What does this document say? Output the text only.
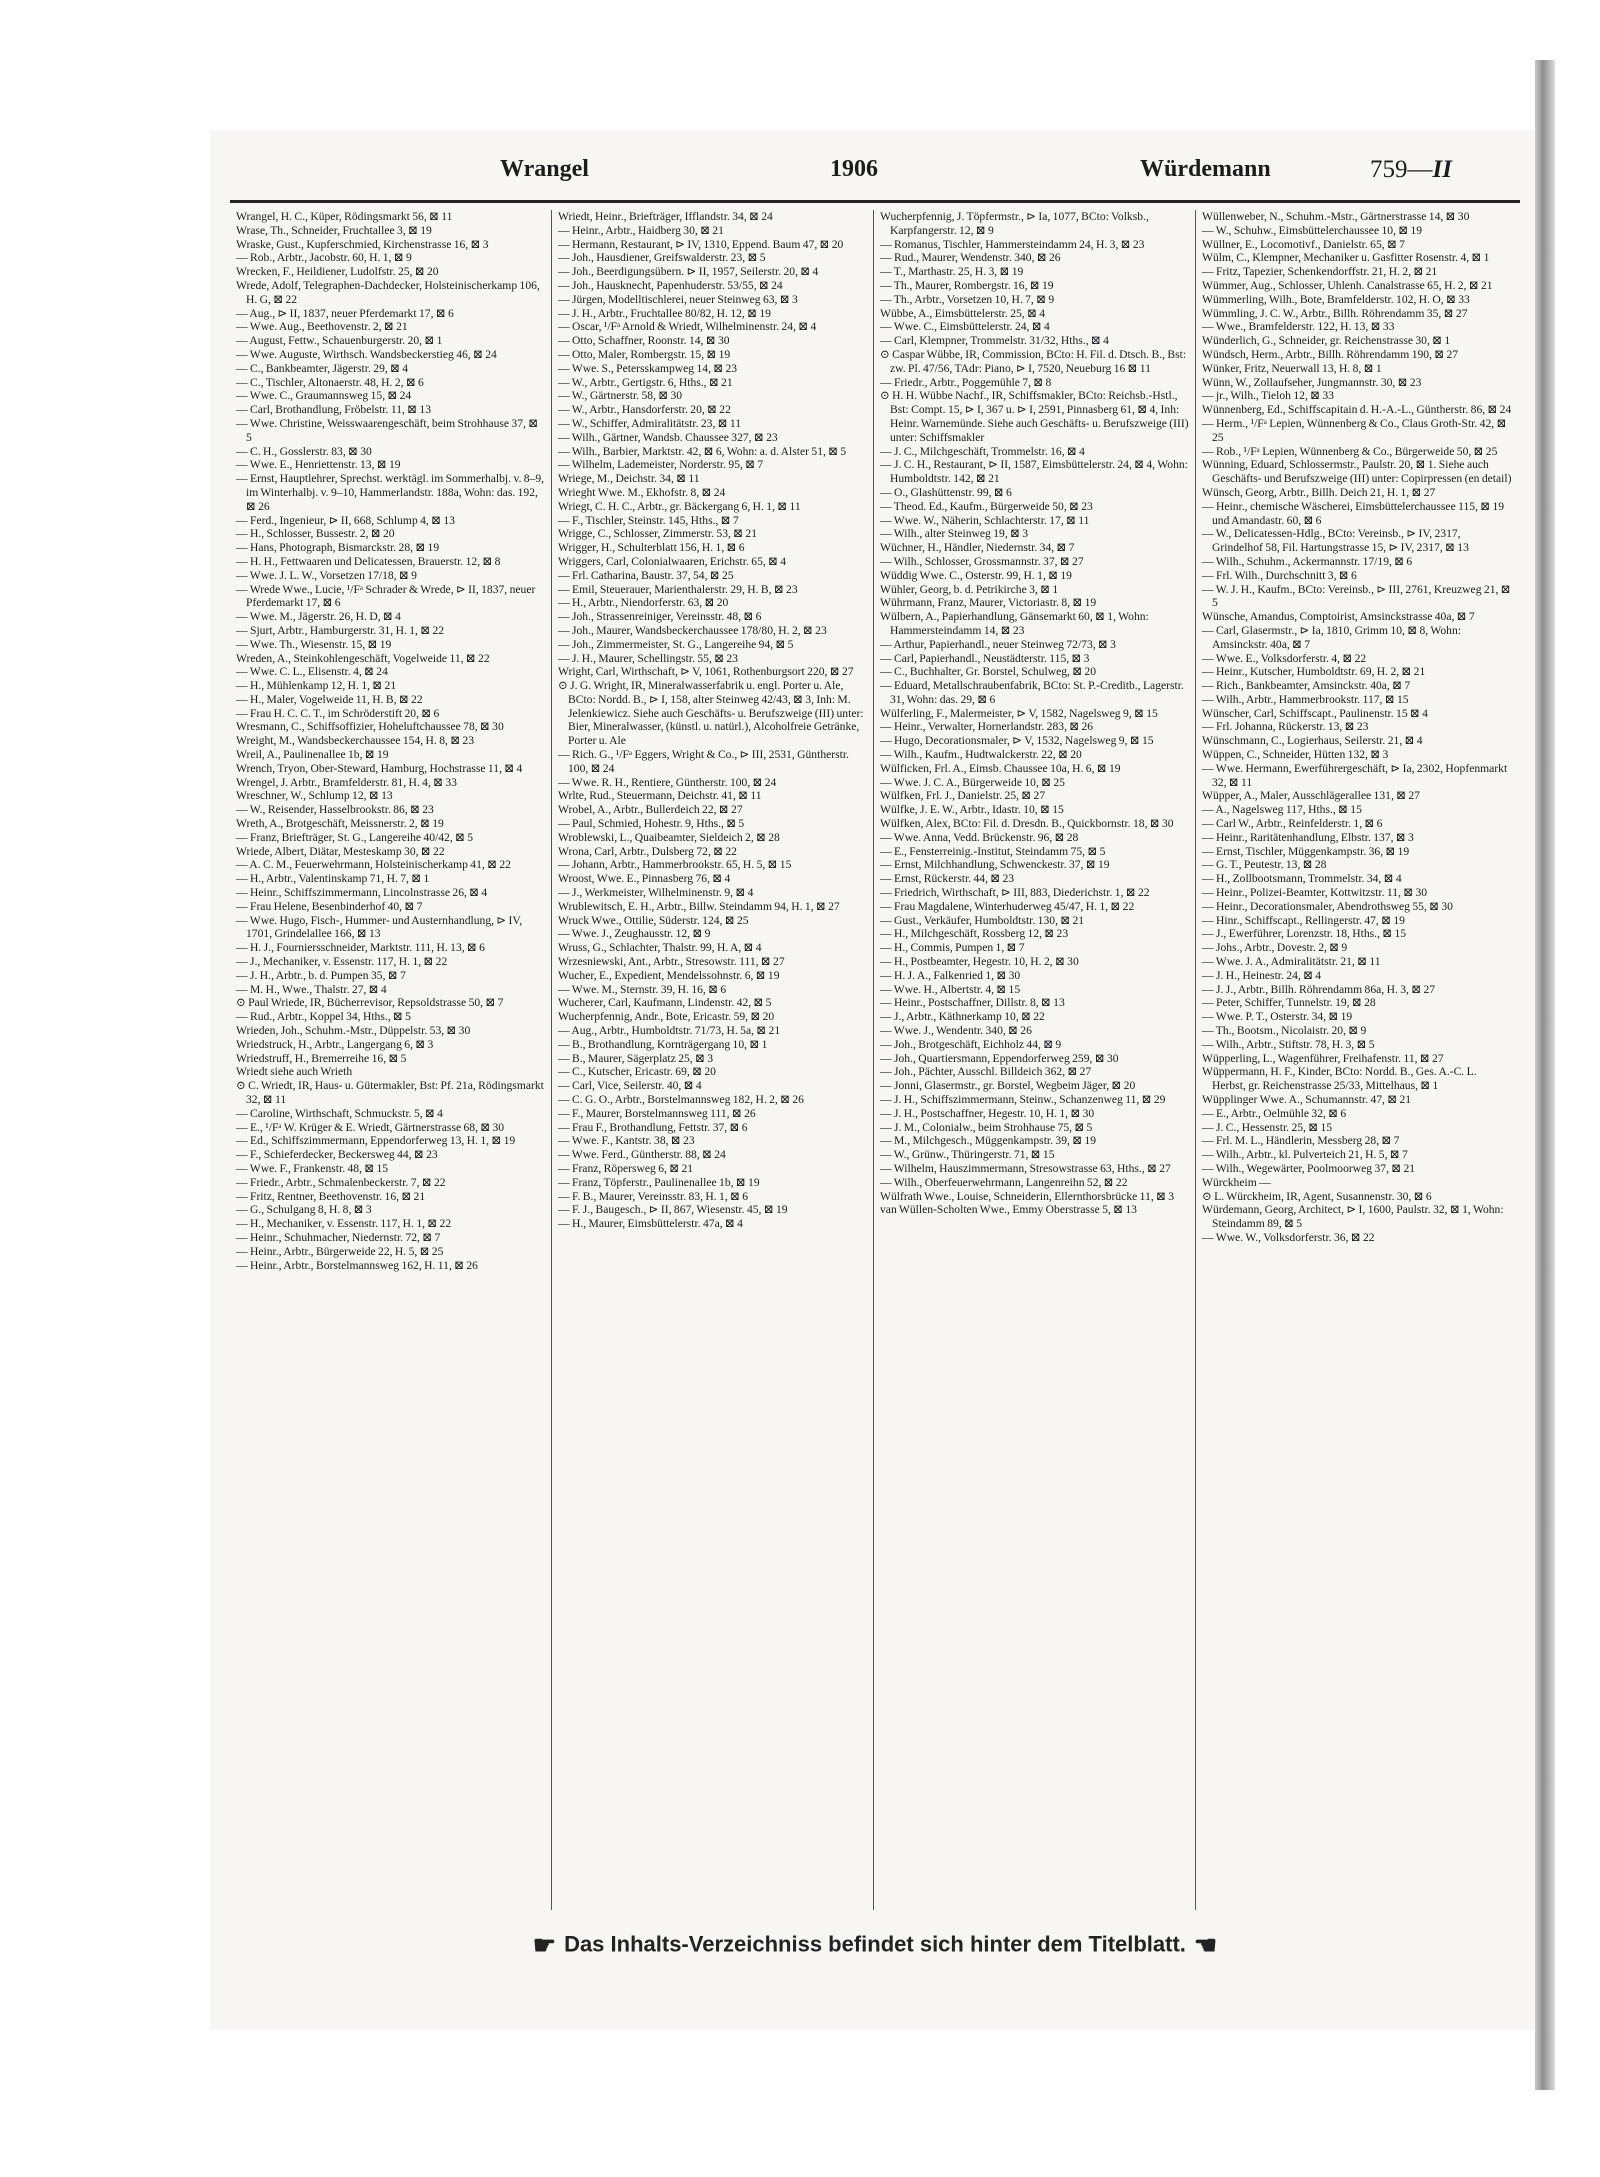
Wrangel	1906	Würdemann	759—II

Wrangel, H. C., Küper, Rödingsmarkt 56, ⊠ 11

Wrase, Th., Schneider, Fruchtallee 3, ⊠ 19

Wraske, Gust., Kupferschmied, Kirchenstrasse 16, ⊠ 3

— Rob., Arbtr., Jacobstr. 60, H. 1, ⊠ 9

Wrecken, F., Heildiener, Ludolfstr. 25, ⊠ 20

Wrede, Adolf, Telegraphen-Dachdecker, Holsteinischerkamp 106, H. G, ⊠ 22

— Aug., ⊳ II, 1837, neuer Pferdemarkt 17, ⊠ 6

— Wwe. Aug., Beethovenstr. 2, ⊠ 21

— August, Fettw., Schauenburgerstr. 20, ⊠ 1

— Wwe. Auguste, Wirthsch. Wandsbeckerstieg 46, ⊠ 24

— C., Bankbeamter, Jägerstr. 29, ⊠ 4

— C., Tischler, Altonaerstr. 48, H. 2, ⊠ 6

— Wwe. C., Graumannsweg 15, ⊠ 24

— Carl, Brothandlung, Fröbelstr. 11, ⊠ 13

— Wwe. Christine, Weisswaarengeschäft, beim Strohhause 37, ⊠ 5

— C. H., Gosslerstr. 83, ⊠ 30

— Wwe. E., Henriettenstr. 13, ⊠ 19

— Ernst, Hauptlehrer, Sprechst. werktägl. im Sommerhalbj. v. 8–9, im Winterhalbj. v. 9–10, Hammerlandstr. 188a, Wohn: das. 192, ⊠ 26

— Ferd., Ingenieur, ⊳ II, 668, Schlump 4, ⊠ 13

— H., Schlosser, Bussestr. 2, ⊠ 20

— Hans, Photograph, Bismarckstr. 28, ⊠ 19

— H. H., Fettwaaren und Delicatessen, Brauerstr. 12, ⊠ 8

— Wwe. J. L. W., Vorsetzen 17/18, ⊠ 9

— Wrede Wwe., Lucie, ¹/Fᵃ Schrader & Wrede, ⊳ II, 1837, neuer Pferdemarkt 17, ⊠ 6

— Wwe. M., Jägerstr. 26, H. D, ⊠ 4

— Sjurt, Arbtr., Hamburgerstr. 31, H. 1, ⊠ 22

— Wwe. Th., Wiesenstr. 15, ⊠ 19

Wreden, A., Steinkohlengeschäft, Vogelweide 11, ⊠ 22

— Wwe. C. L., Elisenstr. 4, ⊠ 24

— H., Mühlenkamp 12, H. 1, ⊠ 21

— H., Maler, Vogelweide 11, H. B, ⊠ 22

— Frau H. C. C. T., im Schröderstift 20, ⊠ 6

Wresmann, C., Schiffsoffizier, Hoheluftchaussee 78, ⊠ 30

Wreight, M., Wandsbeckerchaussee 154, H. 8, ⊠ 23

Wreil, A., Paulinenallee 1b, ⊠ 19

Wrench, Tryon, Ober-Steward, Hamburg, Hochstrasse 11, ⊠ 4

Wrengel, J. Arbtr., Bramfelderstr. 81, H. 4, ⊠ 33

Wreschner, W., Schlump 12, ⊠ 13

— W., Reisender, Hasselbrookstr. 86, ⊠ 23

Wreth, A., Brotgeschäft, Meissnerstr. 2, ⊠ 19

— Franz, Briefträger, St. G., Langereihe 40/42, ⊠ 5

Wriede, Albert, Diätar, Mesteskamp 30, ⊠ 22

— A. C. M., Feuerwehrmann, Holsteinischerkamp 41, ⊠ 22

— H., Arbtr., Valentinskamp 71, H. 7, ⊠ 1

— Heinr., Schiffszimmermann, Lincolnstrasse 26, ⊠ 4

— Frau Helene, Besenbinderhof 40, ⊠ 7

— Wwe. Hugo, Fisch-, Hummer- und Austernhandlung, ⊳ IV, 1701, Grindelallee 166, ⊠ 13

— H. J., Fourniersschneider, Marktstr. 111, H. 13, ⊠ 6

— J., Mechaniker, v. Essenstr. 117, H. 1, ⊠ 22

— J. H., Arbtr., b. d. Pumpen 35, ⊠ 7

— M. H., Wwe., Thalstr. 27, ⊠ 4

⊙ Paul Wriede, IR, Bücherrevisor, Repsoldstrasse 50, ⊠ 7

— Rud., Arbtr., Koppel 34, Hths., ⊠ 5

Wrieden, Joh., Schuhm.-Mstr., Düppelstr. 53, ⊠ 30

Wriedstruck, H., Arbtr., Langergang 6, ⊠ 3

Wriedstruff, H., Bremerreihe 16, ⊠ 5

Wriedt siehe auch Wrieth

⊙ C. Wriedt, IR, Haus- u. Gütermakler, Bst: Pf. 21a, Rödingsmarkt 32, ⊠ 11

— Caroline, Wirthschaft, Schmuckstr. 5, ⊠ 4

— E., ¹/Fᵃ W. Krüger & E. Wriedt, Gärtnerstrasse 68, ⊠ 30

— Ed., Schiffszimmermann, Eppendorferweg 13, H. 1, ⊠ 19

— F., Schieferdecker, Beckersweg 44, ⊠ 23

— Wwe. F., Frankenstr. 48, ⊠ 15

— Friedr., Arbtr., Schmalenbeckerstr. 7, ⊠ 22

— Fritz, Rentner, Beethovenstr. 16, ⊠ 21

— G., Schulgang 8, H. 8, ⊠ 3

— H., Mechaniker, v. Essenstr. 117, H. 1, ⊠ 22

— Heinr., Schuhmacher, Niedernstr. 72, ⊠ 7

— Heinr., Arbtr., Bürgerweide 22, H. 5, ⊠ 25

— Heinr., Arbtr., Borstelmannsweg 162, H. 11, ⊠ 26

Wriedt, Heinr., Briefträger, Ifflandstr. 34, ⊠ 24

— Heinr., Arbtr., Haidberg 30, ⊠ 21

— Hermann, Restaurant, ⊳ IV, 1310, Eppend. Baum 47, ⊠ 20

— Joh., Hausdiener, Greifswalderstr. 23, ⊠ 5

— Joh., Beerdigungsübern. ⊳ II, 1957, Seilerstr. 20, ⊠ 4

— Joh., Hausknecht, Papenhuderstr. 53/55, ⊠ 24

— Jürgen, Modelltischlerei, neuer Steinweg 63, ⊠ 3

— J. H., Arbtr., Fruchtallee 80/82, H. 12, ⊠ 19

— Oscar, ¹/Fᵃ Arnold & Wriedt, Wilhelminenstr. 24, ⊠ 4

— Otto, Schaffner, Roonstr. 14, ⊠ 30

— Otto, Maler, Rombergstr. 15, ⊠ 19

— Wwe. S., Petersskampweg 14, ⊠ 23

— W., Arbtr., Gertigstr. 6, Hths., ⊠ 21

— W., Gärtnerstr. 58, ⊠ 30

— W., Arbtr., Hansdorferstr. 20, ⊠ 22

— W., Schiffer, Admiralitätstr. 23, ⊠ 11

— Wilh., Gärtner, Wandsb. Chaussee 327, ⊠ 23

— Wilh., Barbier, Marktstr. 42, ⊠ 6, Wohn: a. d. Alster 51, ⊠ 5

— Wilhelm, Lademeister, Norderstr. 95, ⊠ 7

Wriege, M., Deichstr. 34, ⊠ 11

Wrieght Wwe. M., Ekhofstr. 8, ⊠ 24

Wriegt, C. H. C., Arbtr., gr. Bäckergang 6, H. 1, ⊠ 11

— F., Tischler, Steinstr. 145, Hths., ⊠ 7

Wrigge, C., Schlosser, Zimmerstr. 53, ⊠ 21

Wrigger, H., Schulterblatt 156, H. 1, ⊠ 6

Wriggers, Carl, Colonialwaaren, Erichstr. 65, ⊠ 4

— Frl. Catharina, Baustr. 37, 54, ⊠ 25

— Emil, Steuerauer, Marienthalerstr. 29, H. B, ⊠ 23

— H., Arbtr., Niendorferstr. 63, ⊠ 20

— Joh., Strassenreiniger, Vereinsstr. 48, ⊠ 6

— Joh., Maurer, Wandsbeckerchaussee 178/80, H. 2, ⊠ 23

— Joh., Zimmermeister, St. G., Langereihe 94, ⊠ 5

— J. H., Maurer, Schellingstr. 55, ⊠ 23

Wright, Carl, Wirthschaft, ⊳ V, 1061, Rothenburgsort 220, ⊠ 27

⊙ J. G. Wright, IR, Mineralwasserfabrik u. engl. Porter u. Ale, BCto: Nordd. B., ⊳ I, 158, alter Steinweg 42/43, ⊠ 3, Inh: M. Jelenkiewicz. Siehe auch Geschäfts- u. Berufszweige (III) unter: Bier, Mineralwasser, (künstl. u. natürl.), Alcoholfreie Getränke, Porter u. Ale

— Rich. G., ¹/Fᵃ Eggers, Wright & Co., ⊳ III, 2531, Güntherstr. 100, ⊠ 24

— Wwe. R. H., Rentiere, Güntherstr. 100, ⊠ 24

Wrlte, Rud., Steuermann, Deichstr. 41, ⊠ 11

Wrobel, A., Arbtr., Bullerdeich 22, ⊠ 27

— Paul, Schmied, Hohestr. 9, Hths., ⊠ 5

Wroblewski, L., Quaibeamter, Sieldeich 2, ⊠ 28

Wrona, Carl, Arbtr., Dulsberg 72, ⊠ 22

— Johann, Arbtr., Hammerbrookstr. 65, H. 5, ⊠ 15

Wroost, Wwe. E., Pinnasberg 76, ⊠ 4

— J., Werkmeister, Wilhelminenstr. 9, ⊠ 4

Wrublewitsch, E. H., Arbtr., Billw. Steindamm 94, H. 1, ⊠ 27

Wruck Wwe., Ottilie, Süderstr. 124, ⊠ 25

— Wwe. J., Zeughausstr. 12, ⊠ 9

Wruss, G., Schlachter, Thalstr. 99, H. A, ⊠ 4

Wrzesniewski, Ant., Arbtr., Stresowstr. 111, ⊠ 27

Wucher, E., Expedient, Mendelssohnstr. 6, ⊠ 19

— Wwe. M., Sternstr. 39, H. 16, ⊠ 6

Wucherer, Carl, Kaufmann, Lindenstr. 42, ⊠ 5

Wucherpfennig, Andr., Bote, Ericastr. 59, ⊠ 20

— Aug., Arbtr., Humboldtstr. 71/73, H. 5a, ⊠ 21

— B., Brothandlung, Kornträgergang 10, ⊠ 1

— B., Maurer, Sägerplatz 25, ⊠ 3

— C., Kutscher, Ericastr. 69, ⊠ 20

— Carl, Vice, Seilerstr. 40, ⊠ 4

— C. G. O., Arbtr., Borstelmannsweg 182, H. 2, ⊠ 26

— F., Maurer, Borstelmannsweg 111, ⊠ 26

— Frau F., Brothandlung, Fettstr. 37, ⊠ 6

— Wwe. F., Kantstr. 38, ⊠ 23

— Wwe. Ferd., Güntherstr. 88, ⊠ 24

— Franz, Röpersweg 6, ⊠ 21

— Franz, Töpferstr., Paulinenallee 1b, ⊠ 19

— F. B., Maurer, Vereinsstr. 83, H. 1, ⊠ 6

— F. J., Baugesch., ⊳ II, 867, Wiesenstr. 45, ⊠ 19

— H., Maurer, Eimsbüttelerstr. 47a, ⊠ 4

Wucherpfennig, J. Töpfermstr., ⊳ Ia, 1077, BCto: Volksb., Karpfangerstr. 12, ⊠ 9

— Romanus, Tischler, Hammersteindamm 24, H. 3, ⊠ 23

— Rud., Maurer, Wendenstr. 340, ⊠ 26

— T., Marthastr. 25, H. 3, ⊠ 19

— Th., Maurer, Rombergstr. 16, ⊠ 19

— Th., Arbtr., Vorsetzen 10, H. 7, ⊠ 9

Wübbe, A., Eimsbüttelerstr. 25, ⊠ 4

— Wwe. C., Eimsbüttelerstr. 24, ⊠ 4

— Carl, Klempner, Trommelstr. 31/32, Hths., ⊠ 4

⊙ Caspar Wübbe, IR, Commission, BCto: H. Fil. d. Dtsch. B., Bst: zw. Pl. 47/56, TAdr: Piano, ⊳ I, 7520, Neueburg 16 ⊠ 11

— Friedr., Arbtr., Poggemühle 7, ⊠ 8

⊙ H. H. Wübbe Nachf., IR, Schiffsmakler, BCto: Reichsb.-Hstl., Bst: Compt. 15, ⊳ I, 367 u. ⊳ I, 2591, Pinnasberg 61, ⊠ 4, Inh: Heinr. Warnemünde. Siehe auch Geschäfts- u. Berufszweige (III) unter: Schiffsmakler

— J. C., Milchgeschäft, Trommelstr. 16, ⊠ 4

— J. C. H., Restaurant, ⊳ II, 1587, Eimsbüttelerstr. 24, ⊠ 4, Wohn: Humboldtstr. 142, ⊠ 21

— O., Glashüttenstr. 99, ⊠ 6

— Theod. Ed., Kaufm., Bürgerweide 50, ⊠ 23

— Wwe. W., Näherin, Schlachterstr. 17, ⊠ 11

— Wilh., alter Steinweg 19, ⊠ 3

Wüchner, H., Händler, Niedernstr. 34, ⊠ 7

— Wilh., Schlosser, Grossmannstr. 37, ⊠ 27

Wüddig Wwe. C., Osterstr. 99, H. 1, ⊠ 19

Wühler, Georg, b. d. Petrikirche 3, ⊠ 1

Wührmann, Franz, Maurer, Victoriastr. 8, ⊠ 19

Wülbern, A., Papierhandlung, Gänsemarkt 60, ⊠ 1, Wohn: Hammersteindamm 14, ⊠ 23

— Arthur, Papierhandl., neuer Steinweg 72/73, ⊠ 3

— Carl, Papierhandl., Neustädterstr. 115, ⊠ 3

— C., Buchhalter, Gr. Borstel, Schulweg, ⊠ 20

— Eduard, Metallschraubenfabrik, BCto: St. P.-Creditb., Lagerstr. 31, Wohn: das. 29, ⊠ 6

Wülferling, F., Malermeister, ⊳ V, 1582, Nagelsweg 9, ⊠ 15

— Heinr., Verwalter, Hornerlandstr. 283, ⊠ 26

— Hugo, Decorationsmaler, ⊳ V, 1532, Nagelsweg 9, ⊠ 15

— Wilh., Kaufm., Hudtwalckerstr. 22, ⊠ 20

Wülficken, Frl. A., Eimsb. Chaussee 10a, H. 6, ⊠ 19

— Wwe. J. C. A., Bürgerweide 10, ⊠ 25

Wülfken, Frl. J., Danielstr. 25, ⊠ 27

Wülfke, J. E. W., Arbtr., Idastr. 10, ⊠ 15

Wülfken, Alex, BCto: Fil. d. Dresdn. B., Quickbornstr. 18, ⊠ 30

— Wwe. Anna, Vedd. Brückenstr. 96, ⊠ 28

— E., Fensterreinig.-Institut, Steindamm 75, ⊠ 5

— Ernst, Milchhandlung, Schwenckestr. 37, ⊠ 19

— Ernst, Rückerstr. 44, ⊠ 23

— Friedrich, Wirthschaft, ⊳ III, 883, Diederichstr. 1, ⊠ 22

— Frau Magdalene, Winterhuderweg 45/47, H. 1, ⊠ 22

— Gust., Verkäufer, Humboldtstr. 130, ⊠ 21

— H., Milchgeschäft, Rossberg 12, ⊠ 23

— H., Commis, Pumpen 1, ⊠ 7

— H., Postbeamter, Hegestr. 10, H. 2, ⊠ 30

— H. J. A., Falkenried 1, ⊠ 30

— Wwe. H., Albertstr. 4, ⊠ 15

— Heinr., Postschaffner, Dillstr. 8, ⊠ 13

— J., Arbtr., Käthnerkamp 10, ⊠ 22

— Wwe. J., Wendentr. 340, ⊠ 26

— Joh., Brotgeschäft, Eichholz 44, ⊠ 9

— Joh., Quartiersmann, Eppendorferweg 259, ⊠ 30

— Joh., Pächter, Ausschl. Billdeich 362, ⊠ 27

— Jonni, Glasermstr., gr. Borstel, Wegbeim Jäger, ⊠ 20

— J. H., Schiffszimmermann, Steinw., Schanzenweg 11, ⊠ 29

— J. H., Postschaffner, Hegestr. 10, H. 1, ⊠ 30

— J. M., Colonialw., beim Strohhause 75, ⊠ 5

— M., Milchgesch., Müggenkampstr. 39, ⊠ 19

— W., Grünw., Thüringerstr. 71, ⊠ 15

— Wilhelm, Hauszimmermann, Stresowstrasse 63, Hths., ⊠ 27

— Wilh., Oberfeuerwehrmann, Langenreihn 52, ⊠ 22

Wülfrath Wwe., Louise, Schneiderin, Ellernthorsbrücke 11, ⊠ 3

van Wüllen-Scholten Wwe., Emmy Oberstrasse 5, ⊠ 13

Wüllenweber, N., Schuhm.-Mstr., Gärtnerstrasse 14, ⊠ 30

— W., Schuhw., Eimsbüttelerchaussee 10, ⊠ 19

Wüllner, E., Locomotivf., Danielstr. 65, ⊠ 7

Wülm, C., Klempner, Mechaniker u. Gasfitter Rosenstr. 4, ⊠ 1

— Fritz, Tapezier, Schenkendorffstr. 21, H. 2, ⊠ 21

Wümmer, Aug., Schlosser, Uhlenh. Canalstrasse 65, H. 2, ⊠ 21

Wümmerling, Wilh., Bote, Bramfelderstr. 102, H. O, ⊠ 33

Wümmling, J. C. W., Arbtr., Billh. Röhrendamm 35, ⊠ 27

— Wwe., Bramfelderstr. 122, H. 13, ⊠ 33

Wünderlich, G., Schneider, gr. Reichenstrasse 30, ⊠ 1

Wündsch, Herm., Arbtr., Billh. Röhrendamm 190, ⊠ 27

Wünker, Fritz, Neuerwall 13, H. 8, ⊠ 1

Wünn, W., Zollaufseher, Jungmannstr. 30, ⊠ 23

— jr., Wilh., Tieloh 12, ⊠ 33

Wünnenberg, Ed., Schiffscapitain d. H.-A.-L., Güntherstr. 86, ⊠ 24

— Herm., ¹/Fᵃ Lepien, Wünnenberg & Co., Claus Groth-Str. 42, ⊠ 25

— Rob., ¹/Fᵃ Lepien, Wünnenberg & Co., Bürgerweide 50, ⊠ 25

Wünning, Eduard, Schlossermstr., Paulstr. 20, ⊠ 1. Siehe auch Geschäfts- und Berufszweige (III) unter: Copirpressen (en detail)

Wünsch, Georg, Arbtr., Billh. Deich 21, H. 1, ⊠ 27

— Heinr., chemische Wäscherei, Eimsbüttelerchaussee 115, ⊠ 19 und Amandastr. 60, ⊠ 6

— W., Delicatessen-Hdlg., BCto: Vereinsb., ⊳ IV, 2317, Grindelhof 58, Fil. Hartungstrasse 15, ⊳ IV, 2317, ⊠ 13

— Wilh., Schuhm., Ackermannstr. 17/19, ⊠ 6

— Frl. Wilh., Durchschnitt 3, ⊠ 6

— W. J. H., Kaufm., BCto: Vereinsb., ⊳ III, 2761, Kreuzweg 21, ⊠ 5

Wünsche, Amandus, Comptoirist, Amsinckstrasse 40a, ⊠ 7

— Carl, Glasermstr., ⊳ Ia, 1810, Grimm 10, ⊠ 8, Wohn: Amsinckstr. 40a, ⊠ 7

— Wwe. E., Volksdorferstr. 4, ⊠ 22

— Heinr., Kutscher, Humboldtstr. 69, H. 2, ⊠ 21

— Rich., Bankbeamter, Amsinckstr. 40a, ⊠ 7

— Wilh., Arbtr., Hammerbrookstr. 117, ⊠ 15

Wünscher, Carl, Schiffscapt., Paulinenstr. 15 ⊠ 4

— Frl. Johanna, Rückerstr. 13, ⊠ 23

Wünschmann, C., Logierhaus, Seilerstr. 21, ⊠ 4

Wüppen, C., Schneider, Hütten 132, ⊠ 3

— Wwe. Hermann, Ewerführergeschäft, ⊳ Ia, 2302, Hopfenmarkt 32, ⊠ 11

Wüpper, A., Maler, Ausschlägerallee 131, ⊠ 27

— A., Nagelsweg 117, Hths., ⊠ 15

— Carl W., Arbtr., Reinfelderstr. 1, ⊠ 6

— Heinr., Raritätenhandlung, Elbstr. 137, ⊠ 3

— Ernst, Tischler, Müggenkampstr. 36, ⊠ 19

— G. T., Peutestr. 13, ⊠ 28

— H., Zollbootsmann, Trommelstr. 34, ⊠ 4

— Heinr., Polizei-Beamter, Kottwitzstr. 11, ⊠ 30

— Heinr., Decorationsmaler, Abendrothsweg 55, ⊠ 30

— Hinr., Schiffscapt., Rellingerstr. 47, ⊠ 19

— J., Ewerführer, Lorenzstr. 18, Hths., ⊠ 15

— Johs., Arbtr., Dovestr. 2, ⊠ 9

— Wwe. J. A., Admiralitätstr. 21, ⊠ 11

— J. H., Heinestr. 24, ⊠ 4

— J. J., Arbtr., Billh. Röhrendamm 86a, H. 3, ⊠ 27

— Peter, Schiffer, Tunnelstr. 19, ⊠ 28

— Wwe. P. T., Osterstr. 34, ⊠ 19

— Th., Bootsm., Nicolaistr. 20, ⊠ 9

— Wilh., Arbtr., Stiftstr. 78, H. 3, ⊠ 5

Wüpperling, L., Wagenführer, Freihafenstr. 11, ⊠ 27

Wüppermann, H. F., Kinder, BCto: Nordd. B., Ges. A.-C. L. Herbst, gr. Reichenstrasse 25/33, Mittelhaus, ⊠ 1

Wüpplinger Wwe. A., Schumannstr. 47, ⊠ 21

— E., Arbtr., Oelmühle 32, ⊠ 6

— J. C., Hessenstr. 25, ⊠ 15

— Frl. M. L., Händlerin, Messberg 28, ⊠ 7

— Wilh., Arbtr., kl. Pulverteich 21, H. 5, ⊠ 7

— Wilh., Wegewärter, Poolmoorweg 37, ⊠ 21

Würckheim —

⊙ L. Würckheim, IR, Agent, Susannenstr. 30, ⊠ 6

Würdemann, Georg, Architect, ⊳ I, 1600, Paulstr. 32, ⊠ 1, Wohn: Steindamm 89, ⊠ 5

— Wwe. W., Volksdorferstr. 36, ⊠ 22

☛ Das Inhalts-Verzeichniss befindet sich hinter dem Titelblatt. ☚
